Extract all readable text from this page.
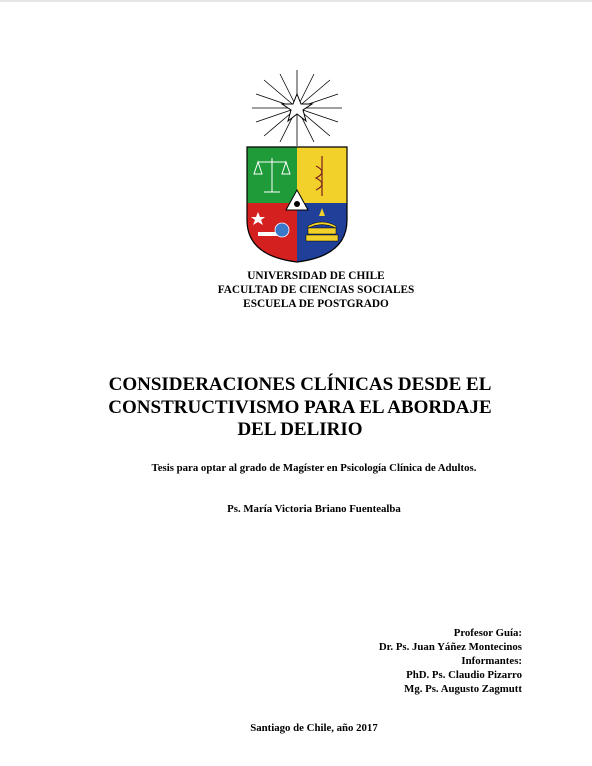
UNIVERSIDAD DE CHILE
FACULTAD DE CIENCIAS SOCIALES
ESCUELA DE POSTGRADO
CONSIDERACIONES CLÍNICAS DESDE EL
CONSTRUCTIVISMO PARA EL ABORDAJE
DEL DELIRIO
Tesis para optar al grado de Magíster en Psicología Clínica de Adultos.
Ps. María Victoria Briano Fuentealba
Profesor Guía:
Dr. Ps. Juan Yáñez Montecinos
Informantes:
PhD. Ps. Claudio Pizarro
Mg. Ps. Augusto Zagmutt
Santiago de Chile, año 2017
